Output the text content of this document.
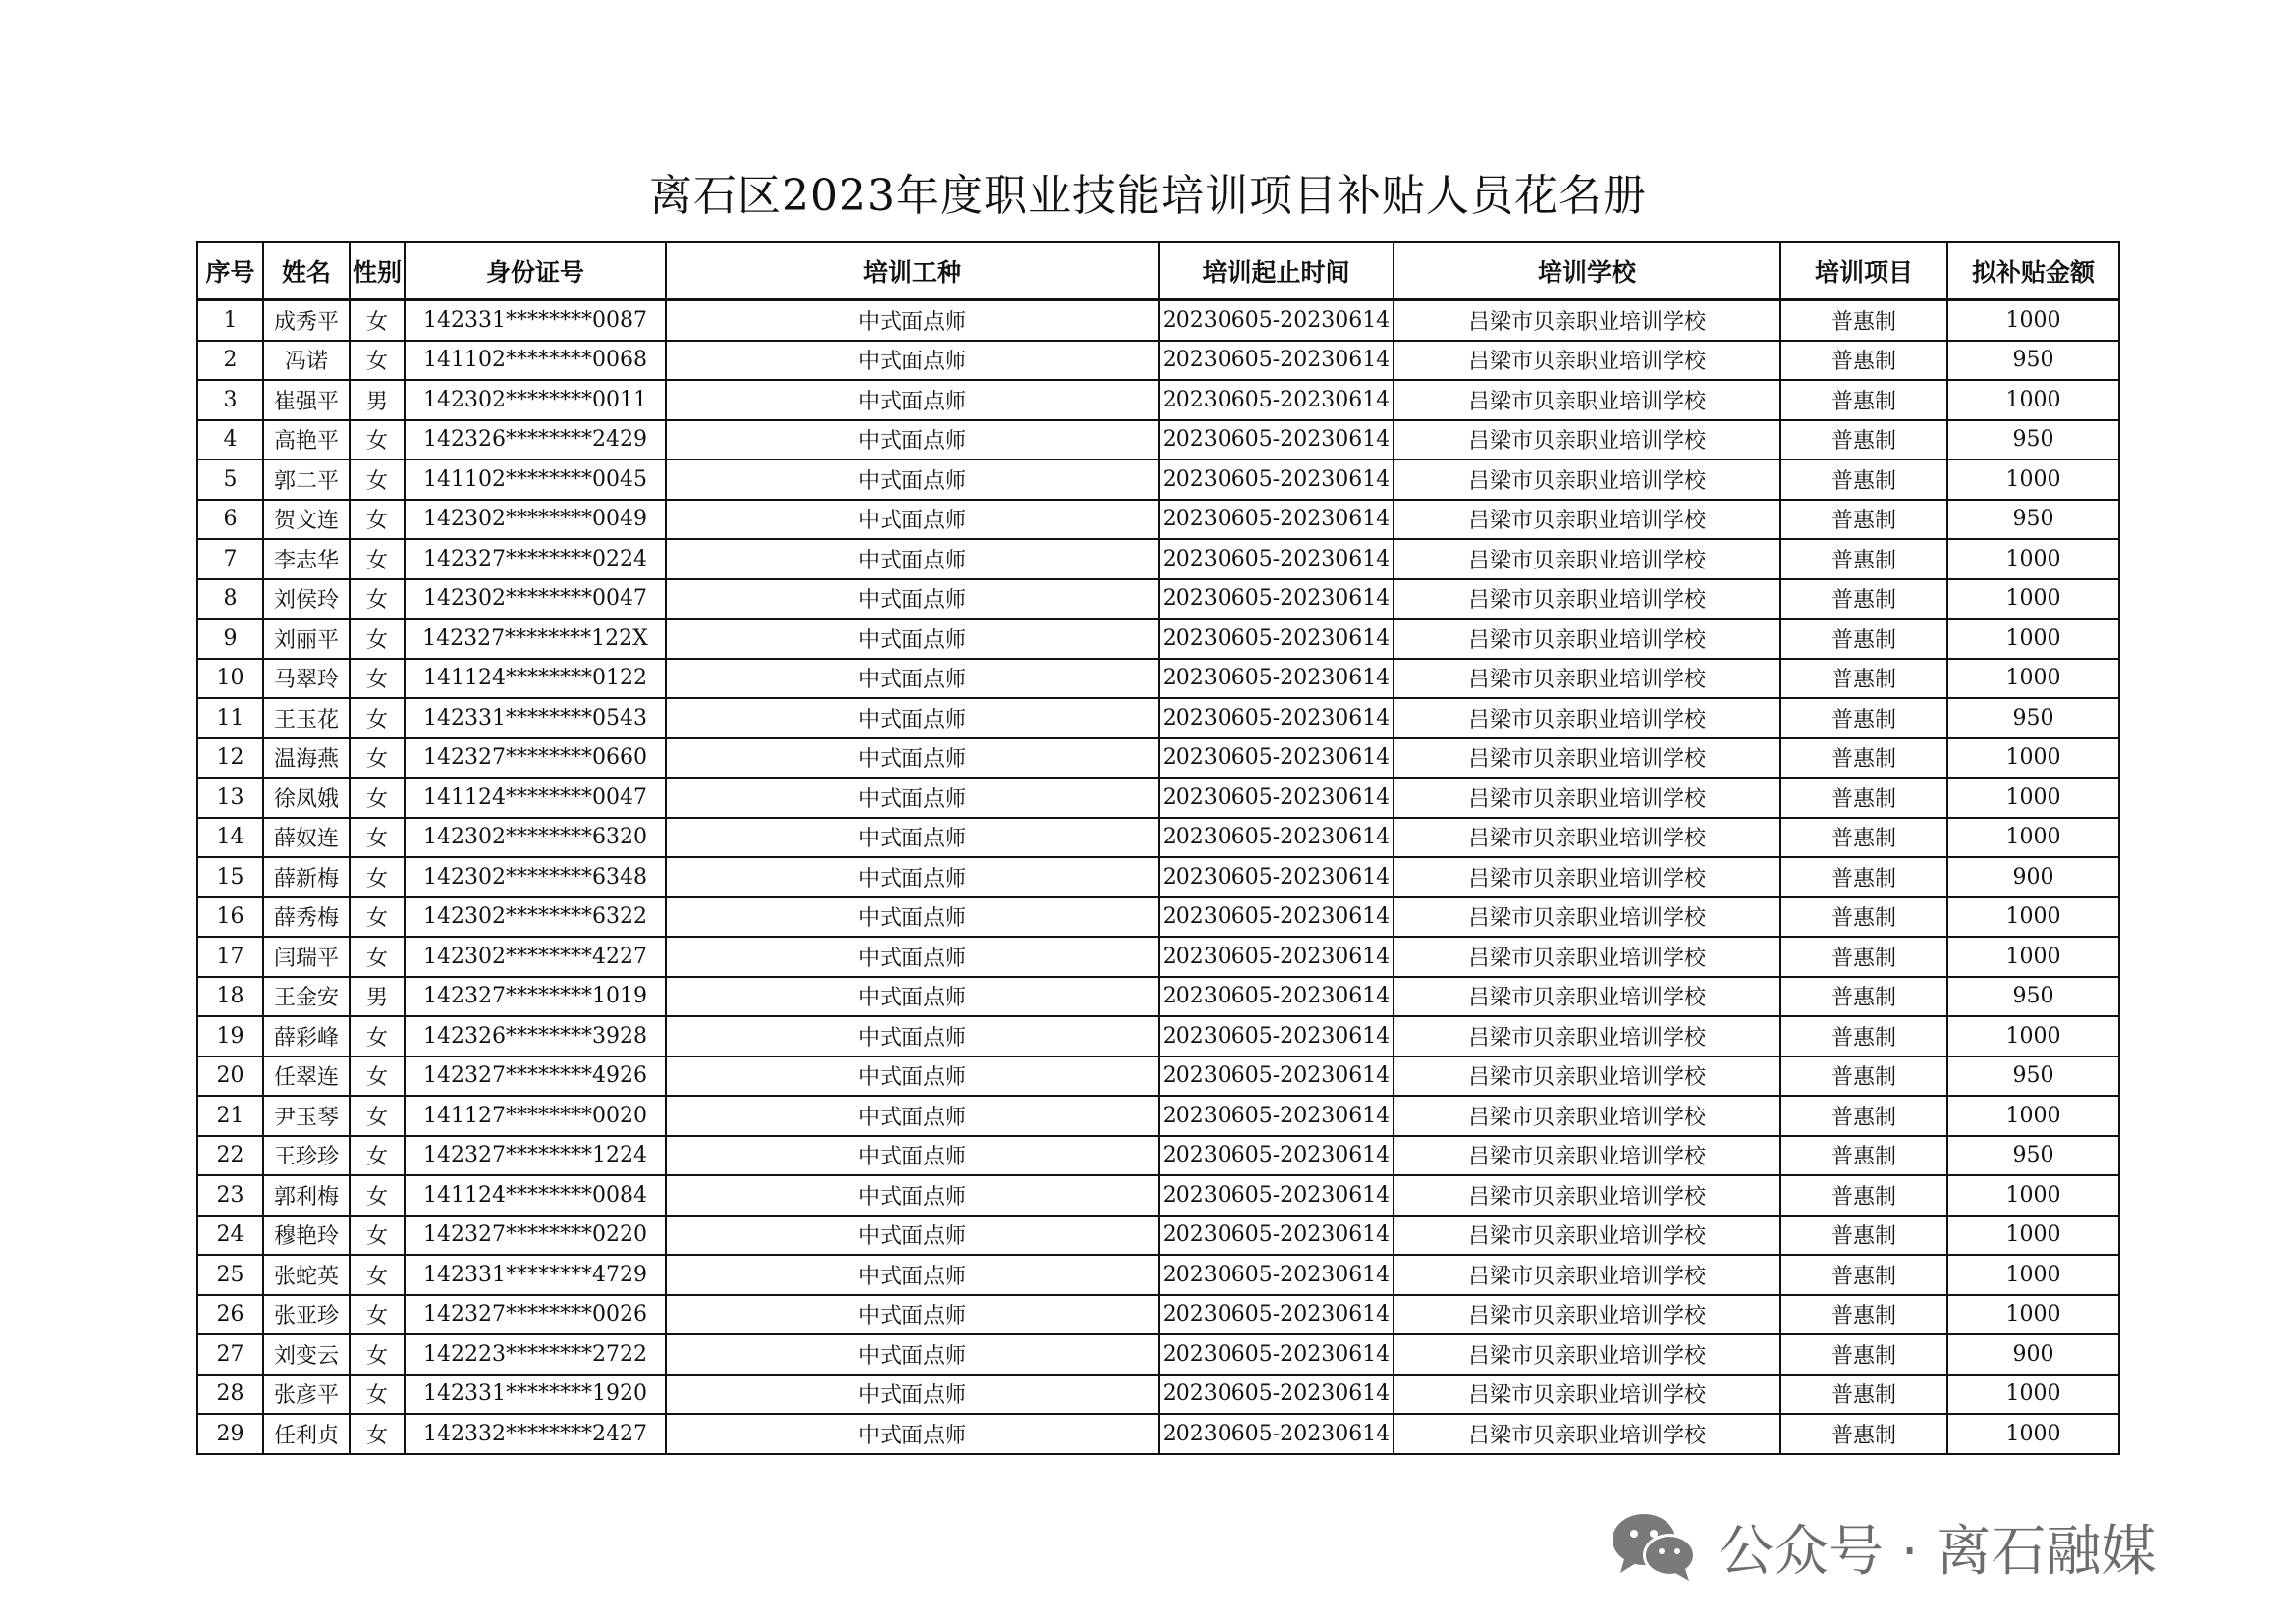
离石区2023年度职业技能培训项目补贴人员花名册
序号	姓名	性别	身份证号	培训工种	培训起止时间	培训学校	培训项目	拟补贴金额
1	成秀平	女	142331********0087	中式面点师	20230605-20230614	吕梁市贝亲职业培训学校	普惠制	1000
2	冯诺	女	141102********0068	中式面点师	20230605-20230614	吕梁市贝亲职业培训学校	普惠制	950
3	崔强平	男	142302********0011	中式面点师	20230605-20230614	吕梁市贝亲职业培训学校	普惠制	1000
4	高艳平	女	142326********2429	中式面点师	20230605-20230614	吕梁市贝亲职业培训学校	普惠制	950
5	郭二平	女	141102********0045	中式面点师	20230605-20230614	吕梁市贝亲职业培训学校	普惠制	1000
6	贺文连	女	142302********0049	中式面点师	20230605-20230614	吕梁市贝亲职业培训学校	普惠制	950
7	李志华	女	142327********0224	中式面点师	20230605-20230614	吕梁市贝亲职业培训学校	普惠制	1000
8	刘侯玲	女	142302********0047	中式面点师	20230605-20230614	吕梁市贝亲职业培训学校	普惠制	1000
9	刘丽平	女	142327********122X	中式面点师	20230605-20230614	吕梁市贝亲职业培训学校	普惠制	1000
10	马翠玲	女	141124********0122	中式面点师	20230605-20230614	吕梁市贝亲职业培训学校	普惠制	1000
11	王玉花	女	142331********0543	中式面点师	20230605-20230614	吕梁市贝亲职业培训学校	普惠制	950
12	温海燕	女	142327********0660	中式面点师	20230605-20230614	吕梁市贝亲职业培训学校	普惠制	1000
13	徐凤娥	女	141124********0047	中式面点师	20230605-20230614	吕梁市贝亲职业培训学校	普惠制	1000
14	薛奴连	女	142302********6320	中式面点师	20230605-20230614	吕梁市贝亲职业培训学校	普惠制	1000
15	薛新梅	女	142302********6348	中式面点师	20230605-20230614	吕梁市贝亲职业培训学校	普惠制	900
16	薛秀梅	女	142302********6322	中式面点师	20230605-20230614	吕梁市贝亲职业培训学校	普惠制	1000
17	闫瑞平	女	142302********4227	中式面点师	20230605-20230614	吕梁市贝亲职业培训学校	普惠制	1000
18	王金安	男	142327********1019	中式面点师	20230605-20230614	吕梁市贝亲职业培训学校	普惠制	950
19	薛彩峰	女	142326********3928	中式面点师	20230605-20230614	吕梁市贝亲职业培训学校	普惠制	1000
20	任翠连	女	142327********4926	中式面点师	20230605-20230614	吕梁市贝亲职业培训学校	普惠制	950
21	尹玉琴	女	141127********0020	中式面点师	20230605-20230614	吕梁市贝亲职业培训学校	普惠制	1000
22	王珍珍	女	142327********1224	中式面点师	20230605-20230614	吕梁市贝亲职业培训学校	普惠制	950
23	郭利梅	女	141124********0084	中式面点师	20230605-20230614	吕梁市贝亲职业培训学校	普惠制	1000
24	穆艳玲	女	142327********0220	中式面点师	20230605-20230614	吕梁市贝亲职业培训学校	普惠制	1000
25	张蛇英	女	142331********4729	中式面点师	20230605-20230614	吕梁市贝亲职业培训学校	普惠制	1000
26	张亚珍	女	142327********0026	中式面点师	20230605-20230614	吕梁市贝亲职业培训学校	普惠制	1000
27	刘变云	女	142223********2722	中式面点师	20230605-20230614	吕梁市贝亲职业培训学校	普惠制	900
28	张彦平	女	142331********1920	中式面点师	20230605-20230614	吕梁市贝亲职业培训学校	普惠制	1000
29	任利贞	女	142332********2427	中式面点师	20230605-20230614	吕梁市贝亲职业培训学校	普惠制	1000
公众号 · 离石融媒
